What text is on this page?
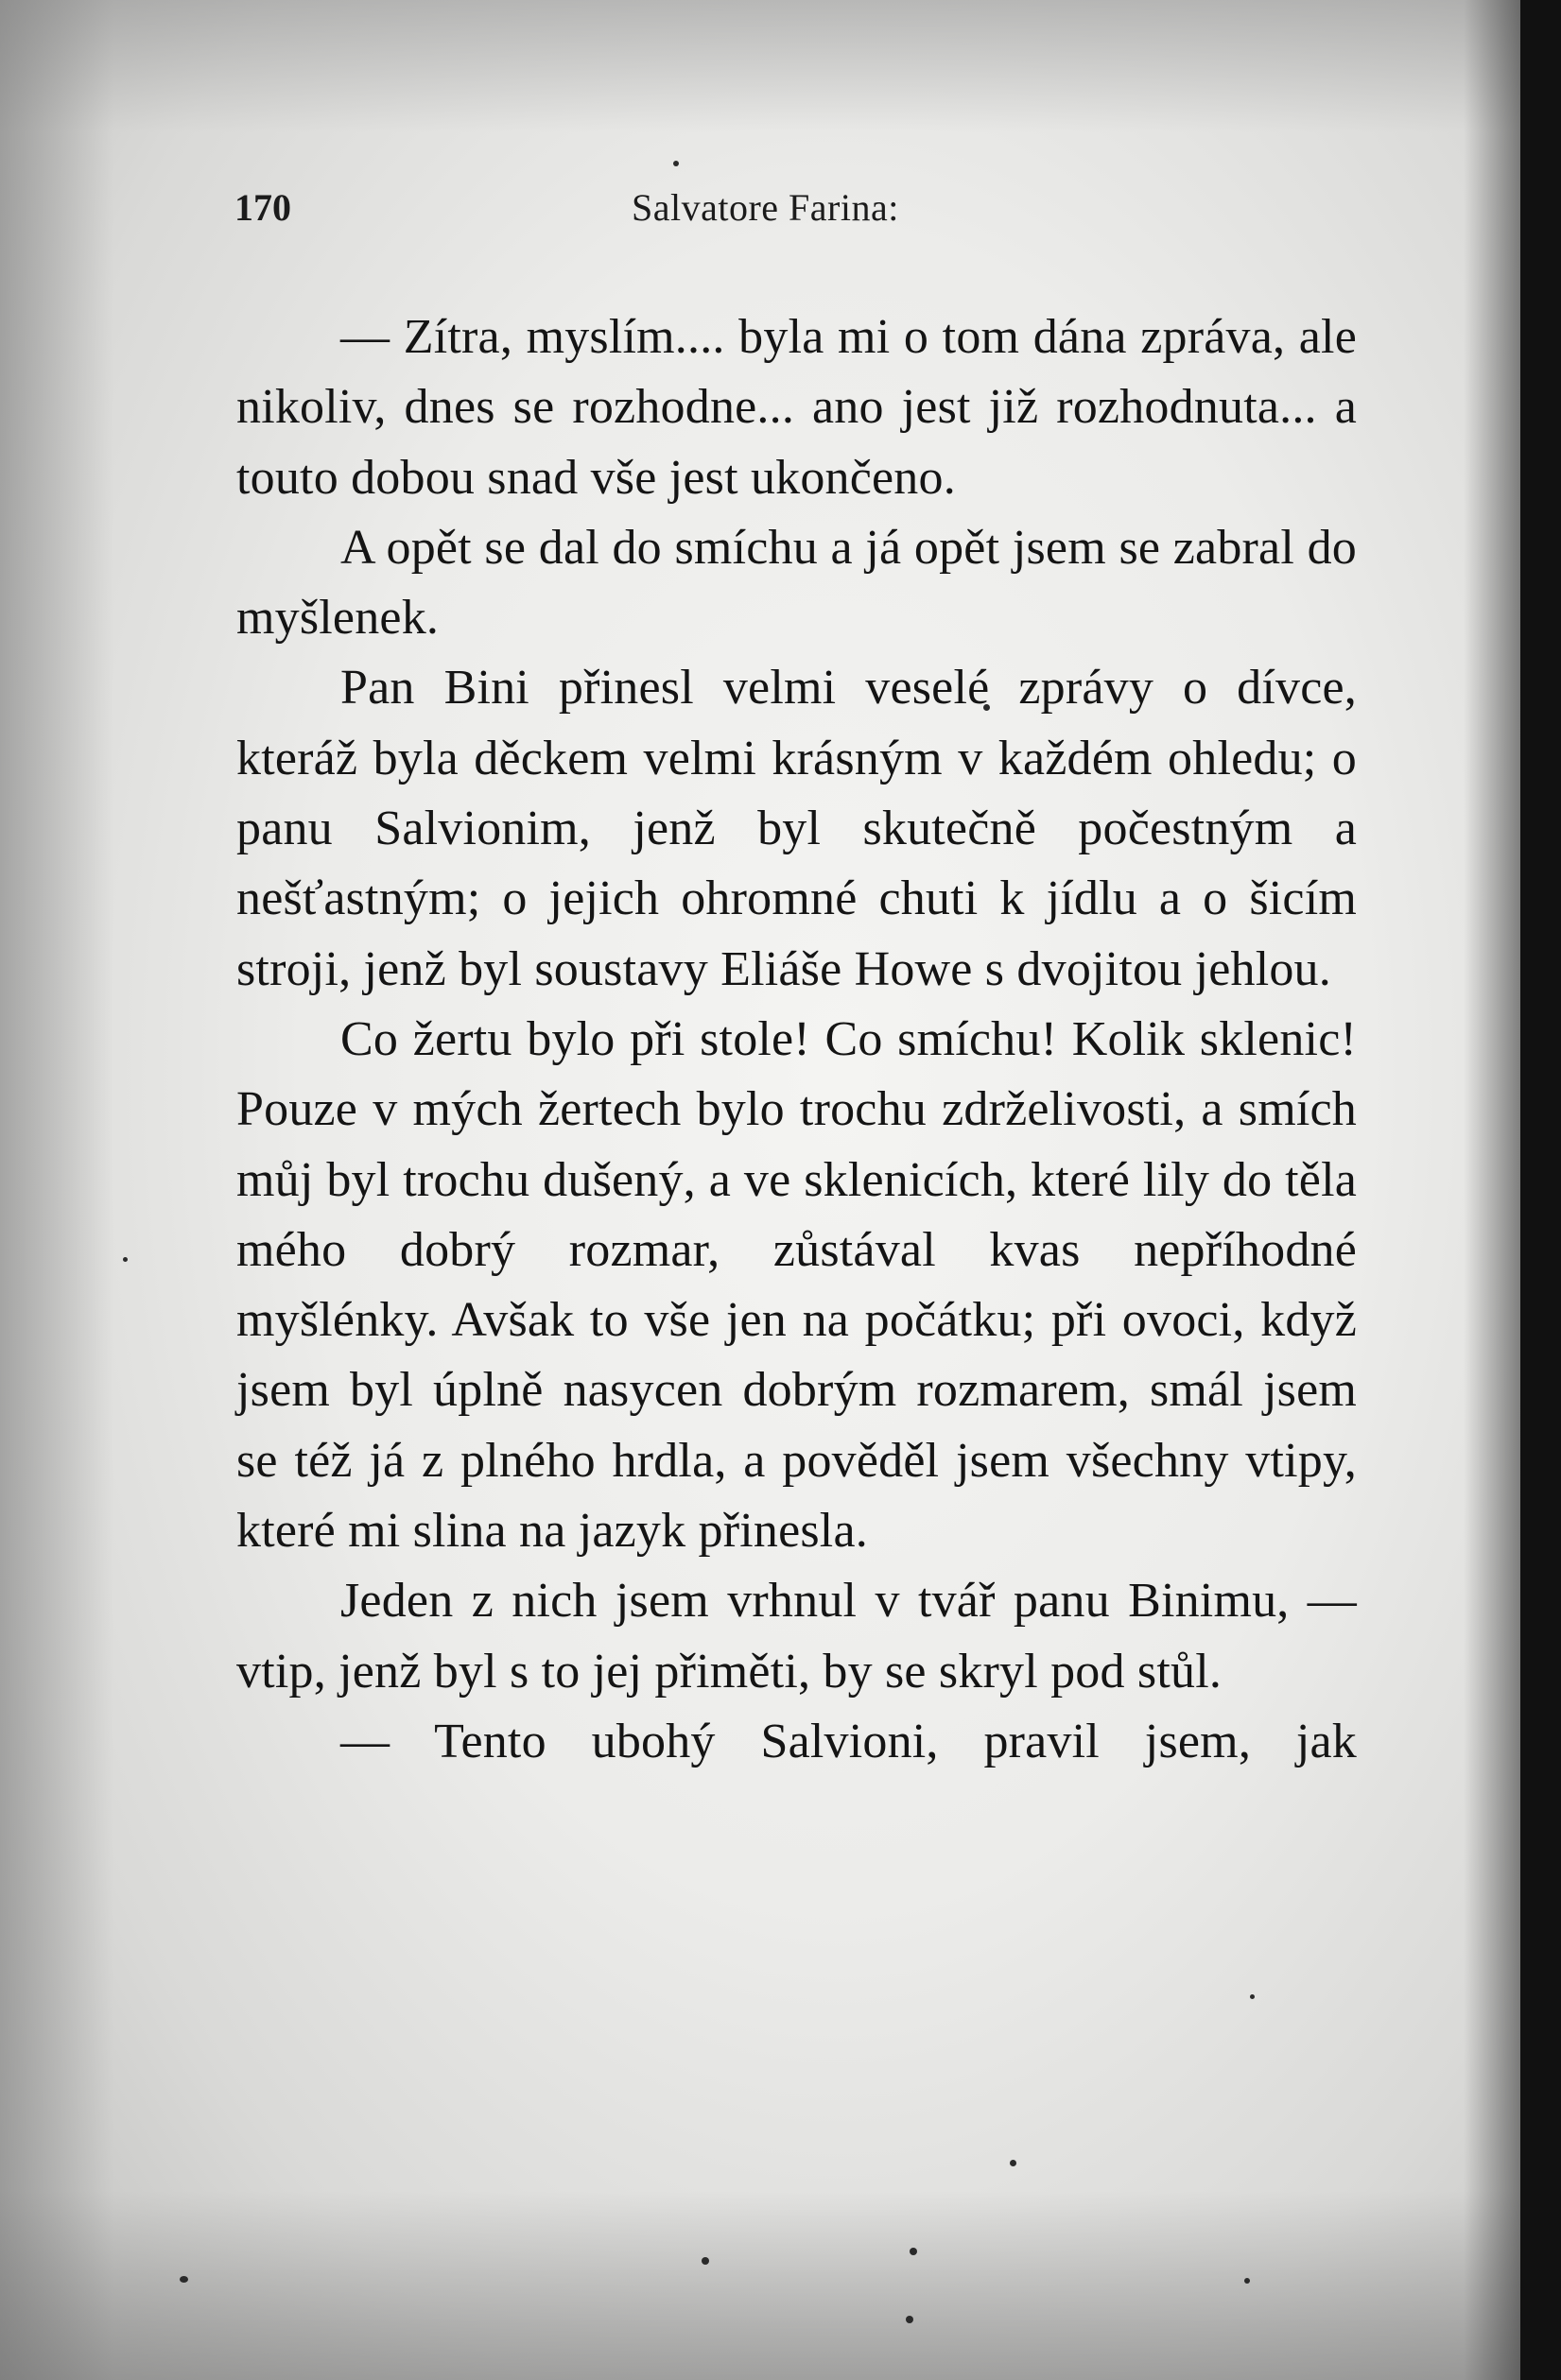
170	Salvatore Farina:

— Zítra, myslím.... byla mi o tom dána zpráva, ale nikoliv, dnes se rozhodne... ano jest již rozhodnuta... a touto dobou snad vše jest ukončeno.

A opět se dal do smíchu a já opět jsem se zabral do myšlenek.

Pan Bini přinesl velmi veselé zprávy o dívce, kteráž byla děckem velmi krásným v každém ohledu; o panu Salvionim, jenž byl skutečně počestným a nešťastným; o jejich ohromné chuti k jídlu a o šicím stroji, jenž byl soustavy Eliáše Howe s dvojitou jehlou.

Co žertu bylo při stole! Co smíchu! Kolik sklenic! Pouze v mých žertech bylo trochu zdrželivosti, a smích můj byl trochu dušený, a ve sklenicích, které lily do těla mého dobrý rozmar, zůstával kvas nepříhodné myšlénky. Avšak to vše jen na počátku; při ovoci, když jsem byl úplně nasycen dobrým rozmarem, smál jsem se též já z plného hrdla, a pověděl jsem všechny vtipy, které mi slina na jazyk přinesla.

Jeden z nich jsem vrhnul v tvář panu Binimu, — vtip, jenž byl s to jej přiměti, by se skryl pod stůl.

— Tento ubohý Salvioni, pravil jsem, jak
